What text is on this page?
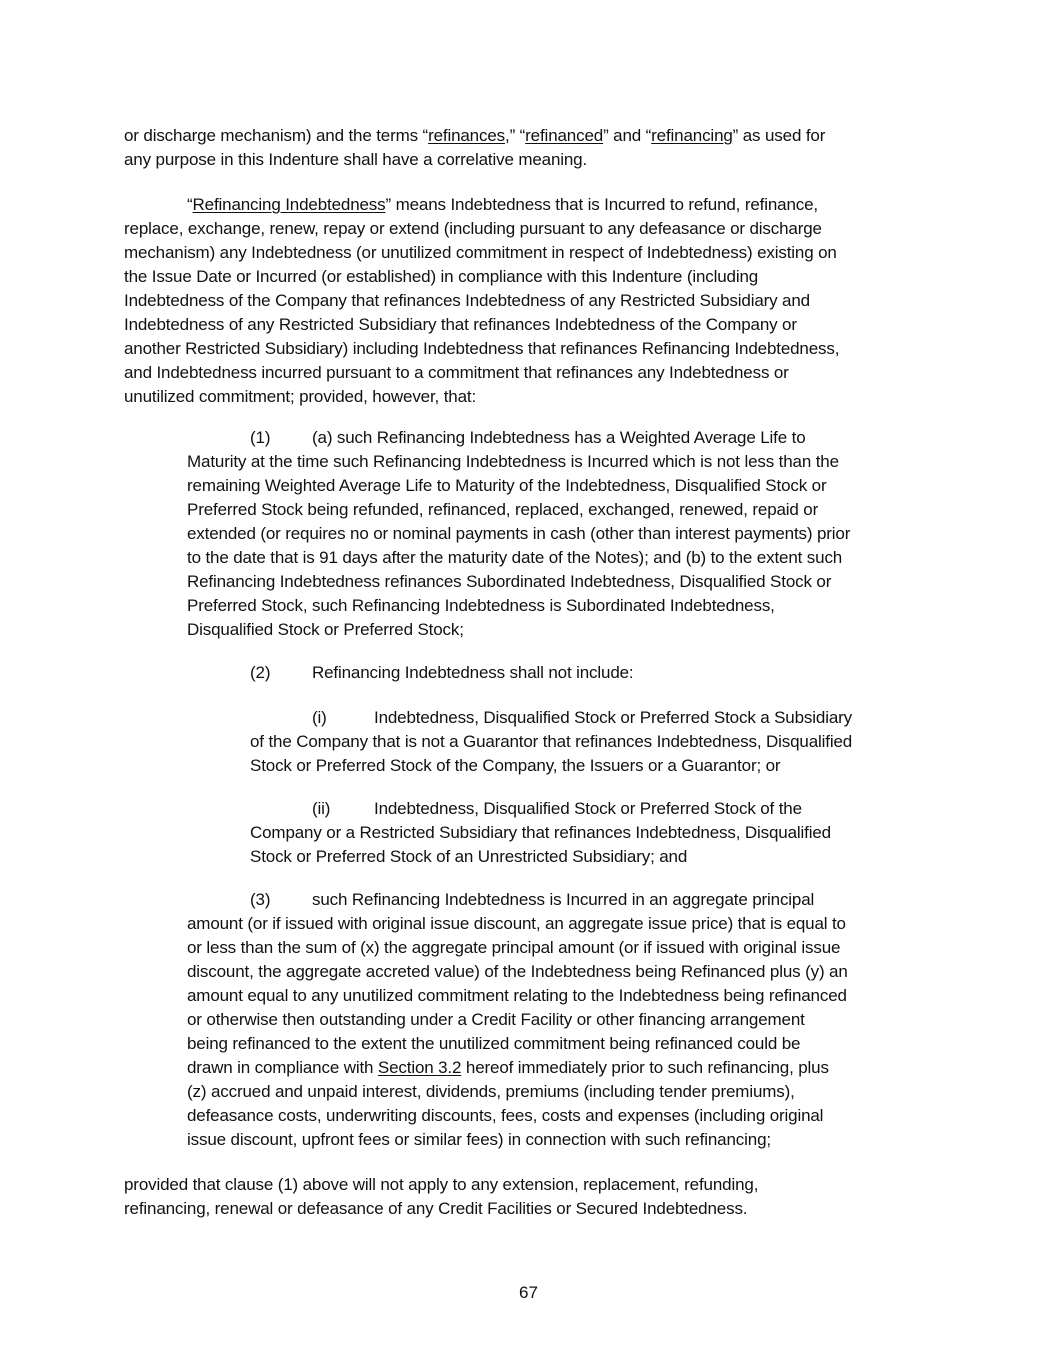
or discharge mechanism) and the terms “refinances,” “refinanced” and “refinancing” as used for
any purpose in this Indenture shall have a correlative meaning.
“Refinancing Indebtedness” means Indebtedness that is Incurred to refund, refinance,
replace, exchange, renew, repay or extend (including pursuant to any defeasance or discharge
mechanism) any Indebtedness (or unutilized commitment in respect of Indebtedness) existing on
the Issue Date or Incurred (or established) in compliance with this Indenture (including
Indebtedness of the Company that refinances Indebtedness of any Restricted Subsidiary and
Indebtedness of any Restricted Subsidiary that refinances Indebtedness of the Company or
another Restricted Subsidiary) including Indebtedness that refinances Refinancing Indebtedness,
and Indebtedness incurred pursuant to a commitment that refinances any Indebtedness or
unutilized commitment; provided, however, that:
(1) (a) such Refinancing Indebtedness has a Weighted Average Life to
Maturity at the time such Refinancing Indebtedness is Incurred which is not less than the
remaining Weighted Average Life to Maturity of the Indebtedness, Disqualified Stock or
Preferred Stock being refunded, refinanced, replaced, exchanged, renewed, repaid or
extended (or requires no or nominal payments in cash (other than interest payments) prior
to the date that is 91 days after the maturity date of the Notes); and (b) to the extent such
Refinancing Indebtedness refinances Subordinated Indebtedness, Disqualified Stock or
Preferred Stock, such Refinancing Indebtedness is Subordinated Indebtedness,
Disqualified Stock or Preferred Stock;
(2) Refinancing Indebtedness shall not include:
(i)	Indebtedness, Disqualified Stock or Preferred Stock a Subsidiary
of the Company that is not a Guarantor that refinances Indebtedness, Disqualified
Stock or Preferred Stock of the Company, the Issuers or a Guarantor; or
(ii)	Indebtedness, Disqualified Stock or Preferred Stock of the
Company or a Restricted Subsidiary that refinances Indebtedness, Disqualified
Stock or Preferred Stock of an Unrestricted Subsidiary; and
(3) such Refinancing Indebtedness is Incurred in an aggregate principal
amount (or if issued with original issue discount, an aggregate issue price) that is equal to
or less than the sum of (x) the aggregate principal amount (or if issued with original issue
discount, the aggregate accreted value) of the Indebtedness being Refinanced plus (y) an
amount equal to any unutilized commitment relating to the Indebtedness being refinanced
or otherwise then outstanding under a Credit Facility or other financing arrangement
being refinanced to the extent the unutilized commitment being refinanced could be
drawn in compliance with Section 3.2 hereof immediately prior to such refinancing, plus
(z) accrued and unpaid interest, dividends, premiums (including tender premiums),
defeasance costs, underwriting discounts, fees, costs and expenses (including original
issue discount, upfront fees or similar fees) in connection with such refinancing;
provided that clause (1) above will not apply to any extension, replacement, refunding,
refinancing, renewal or defeasance of any Credit Facilities or Secured Indebtedness.
67
